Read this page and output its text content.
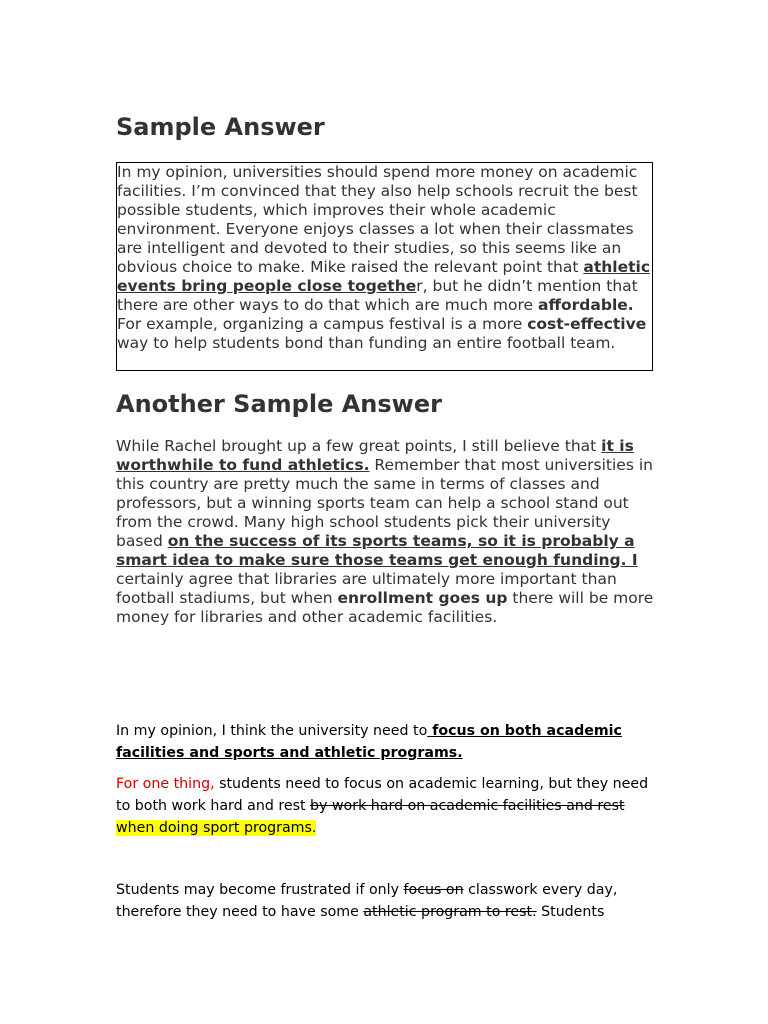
Sample Answer

In my opinion, universities should spend more money on academic facilities. I’m convinced that they also help schools recruit the best possible students, which improves their whole academic environment. Everyone enjoys classes a lot when their classmates are intelligent and devoted to their studies, so this seems like an obvious choice to make. Mike raised the relevant point that athletic events bring people close together, but he didn’t mention that there are other ways to do that which are much more affordable. For example, organizing a campus festival is a more cost-effective way to help students bond than funding an entire football team.

Another Sample Answer

While Rachel brought up a few great points, I still believe that it is worthwhile to fund athletics. Remember that most universities in this country are pretty much the same in terms of classes and professors, but a winning sports team can help a school stand out from the crowd. Many high school students pick their university based on the success of its sports teams, so it is probably a smart idea to make sure those teams get enough funding. I certainly agree that libraries are ultimately more important than football stadiums, but when enrollment goes up there will be more money for libraries and other academic facilities.

In my opinion, I think the university need to focus on both academic facilities and sports and athletic programs.

For one thing, students need to focus on academic learning, but they need to both work hard and rest by work hard on academic facilities and rest when doing sport programs.

Students may become frustrated if only focus on classwork every day, therefore they need to have some athletic program to rest. Students
